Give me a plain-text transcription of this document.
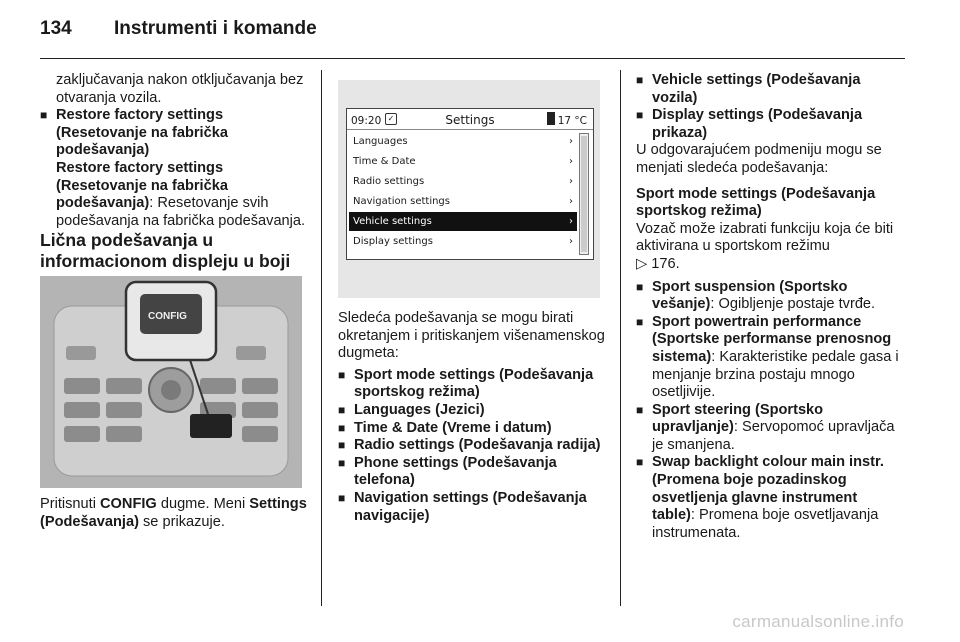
134 Instrumenti i komande

zaključavanja nakon otključavanja bez otvaranja vozila.

■ Restore factory settings (Resetovanje na fabrička podešavanja)

Restore factory settings (Resetovanje na fabrička podešavanja): Resetovanje svih podešavanja na fabrička podešavanja.

Lična podešavanja u informacionom displeju u boji

CONFIG

Pritisnuti CONFIG dugme. Meni Settings (Podešavanja) se prikazuje.

09:20 ✓	Settings	17 °C
Languages	›
Time & Date	›
Radio settings	›
Navigation settings	›
Vehicle settings	›
Display settings	›

Sledeća podešavanja se mogu birati okretanjem i pritiskanjem višenamenskog dugmeta:

■ Sport mode settings (Podešavanja sportskog režima)

■ Languages (Jezici)

■ Time & Date (Vreme i datum)

■ Radio settings (Podešavanja radija)

■ Phone settings (Podešavanja telefona)

■ Navigation settings (Podešavanja navigacije)

■ Vehicle settings (Podešavanja vozila)

■ Display settings (Podešavanja prikaza)

U odgovarajućem podmeniju mogu se menjati sledeća podešavanja:

Sport mode settings (Podešavanja sportskog režima)

Vozač može izabrati funkciju koja će biti aktivirana u sportskom režimu
▷ 176.

■ Sport suspension (Sportsko vešanje): Ogibljenje postaje tvrđe.

■ Sport powertrain performance (Sportske performanse prenosnog sistema): Karakteristike pedale gasa i menjanje brzina postaju mnogo osetljivije.

■ Sport steering (Sportsko upravljanje): Servopomoć upravljača je smanjena.

■ Swap backlight colour main instr. (Promena boje pozadinskog osvetljenja glavne instrument table): Promena boje osvetljavanja instrumenata.

carmanualsonline.info
